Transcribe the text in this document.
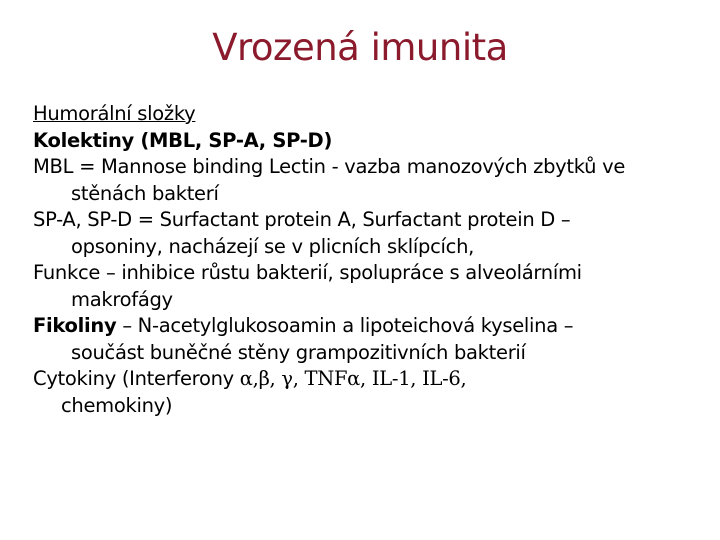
Vrozená imunita
Humorální složky
Kolektiny (MBL, SP-A, SP-D)
MBL = Mannose binding Lectin - vazba manozových zbytků ve
stěnách bakterí
SP-A, SP-D = Surfactant protein A, Surfactant protein D –
opsoniny, nacházejí se v plicních sklípcích,
Funkce – inhibice růstu bakterií, spolupráce s alveolárními
makrofágy
Fikoliny – N-acetylglukosoamin a lipoteichová kyselina –
součást buněčné stěny grampozitivních bakterií
Cytokiny (Interferony α,β, γ, TNFα, IL-1, IL-6,
chemokiny)
